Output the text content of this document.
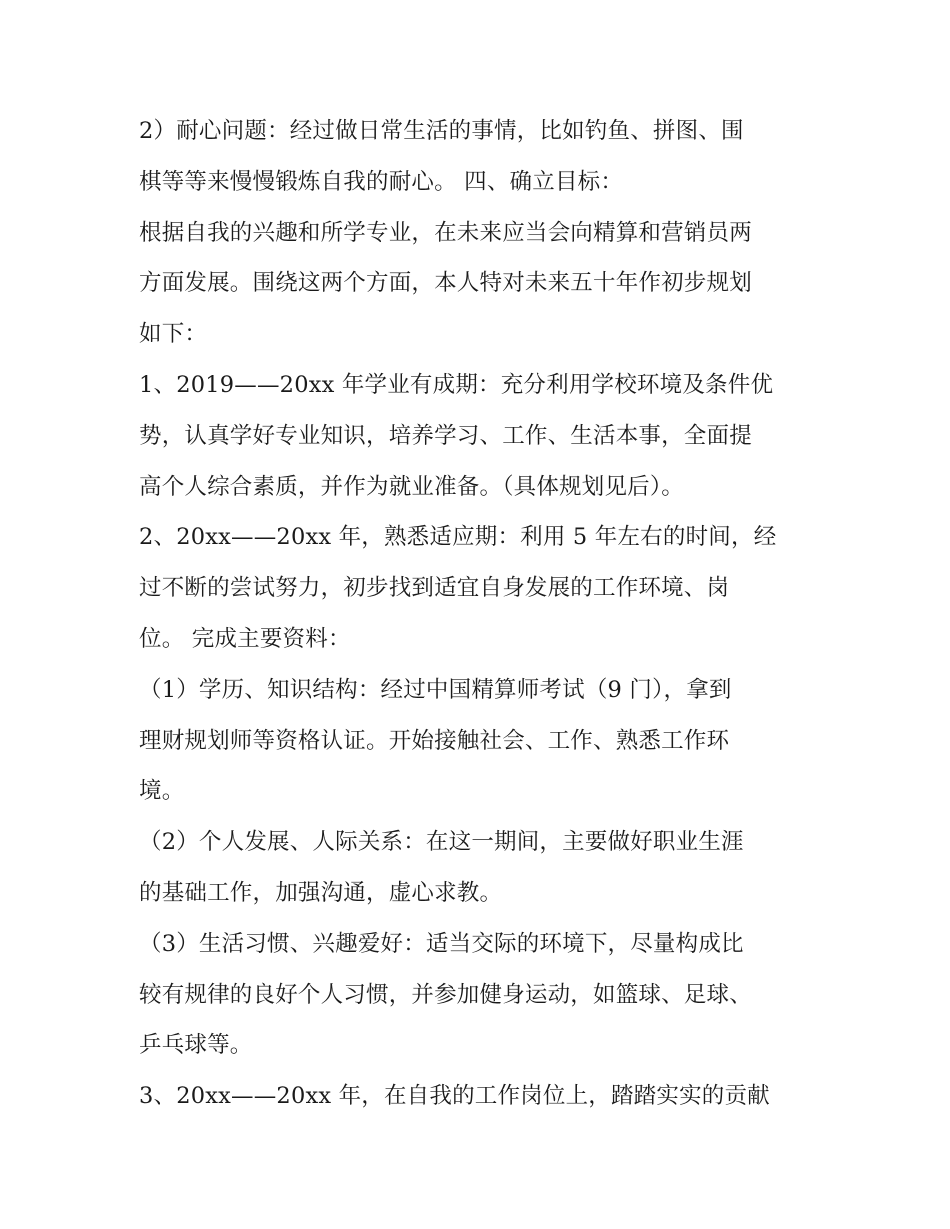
2）耐心问题：经过做日常生活的事情，比如钓鱼、拼图、围
棋等等来慢慢锻炼自我的耐心。 四、确立目标：
根据自我的兴趣和所学专业，在未来应当会向精算和营销员两
方面发展。围绕这两个方面，本人特对未来五十年作初步规划
如下：
1、2019——20xx 年学业有成期：充分利用学校环境及条件优
势，认真学好专业知识，培养学习、工作、生活本事，全面提
高个人综合素质，并作为就业准备。（具体规划见后）。
2、20xx——20xx 年，熟悉适应期：利用 5 年左右的时间，经
过不断的尝试努力，初步找到适宜自身发展的工作环境、岗
位。 完成主要资料：
（1）学历、知识结构：经过中国精算师考试（9 门），拿到
理财规划师等资格认证。开始接触社会、工作、熟悉工作环
境。
（2）个人发展、人际关系：在这一期间，主要做好职业生涯
的基础工作，加强沟通，虚心求教。
（3）生活习惯、兴趣爱好：适当交际的环境下，尽量构成比
较有规律的良好个人习惯，并参加健身运动，如篮球、足球、
乒乓球等。
3、20xx——20xx 年，在自我的工作岗位上，踏踏实实的贡献
